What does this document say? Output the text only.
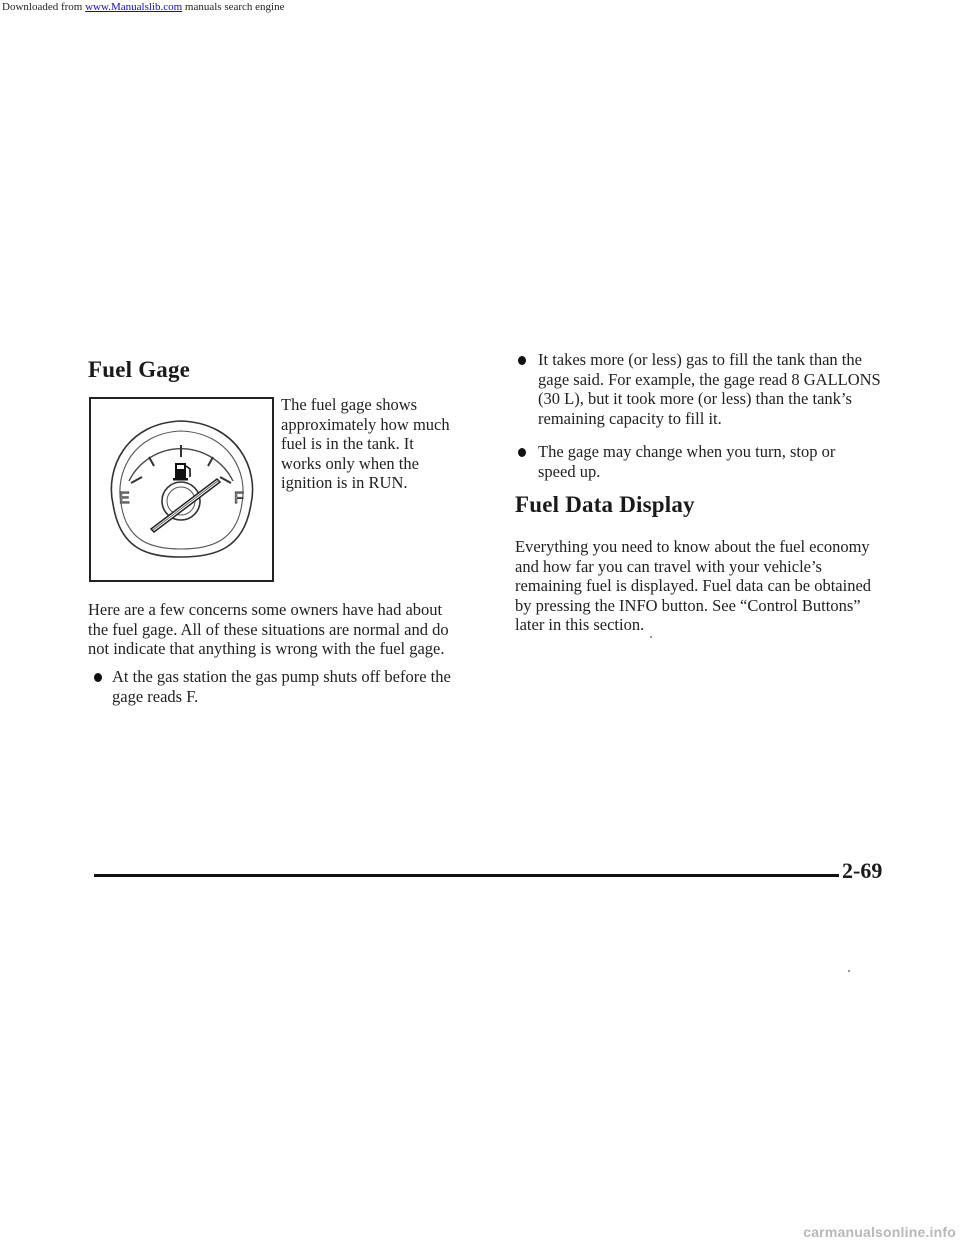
Downloaded from www.Manualslib.com manuals search engine
Fuel Gage
E	F
The fuel gage shows
approximately how much
fuel is in the tank. It
works only when the
ignition is in RUN.
Here are a few concerns some owners have had about
the fuel gage. All of these situations are normal and do
not indicate that anything is wrong with the fuel gage.
At the gas station the gas pump shuts off before the
gage reads F.
It takes more (or less) gas to fill the tank than the
gage said. For example, the gage read 8 GALLONS
(30 L), but it took more (or less) than the tank’s
remaining capacity to fill it.
The gage may change when you turn, stop or
speed up.
Fuel Data Display
Everything you need to know about the fuel economy
and how far you can travel with your vehicle’s
remaining fuel is displayed. Fuel data can be obtained
by pressing the INFO button. See “Control Buttons”
later in this section.
2-69
carmanualsonline.info
